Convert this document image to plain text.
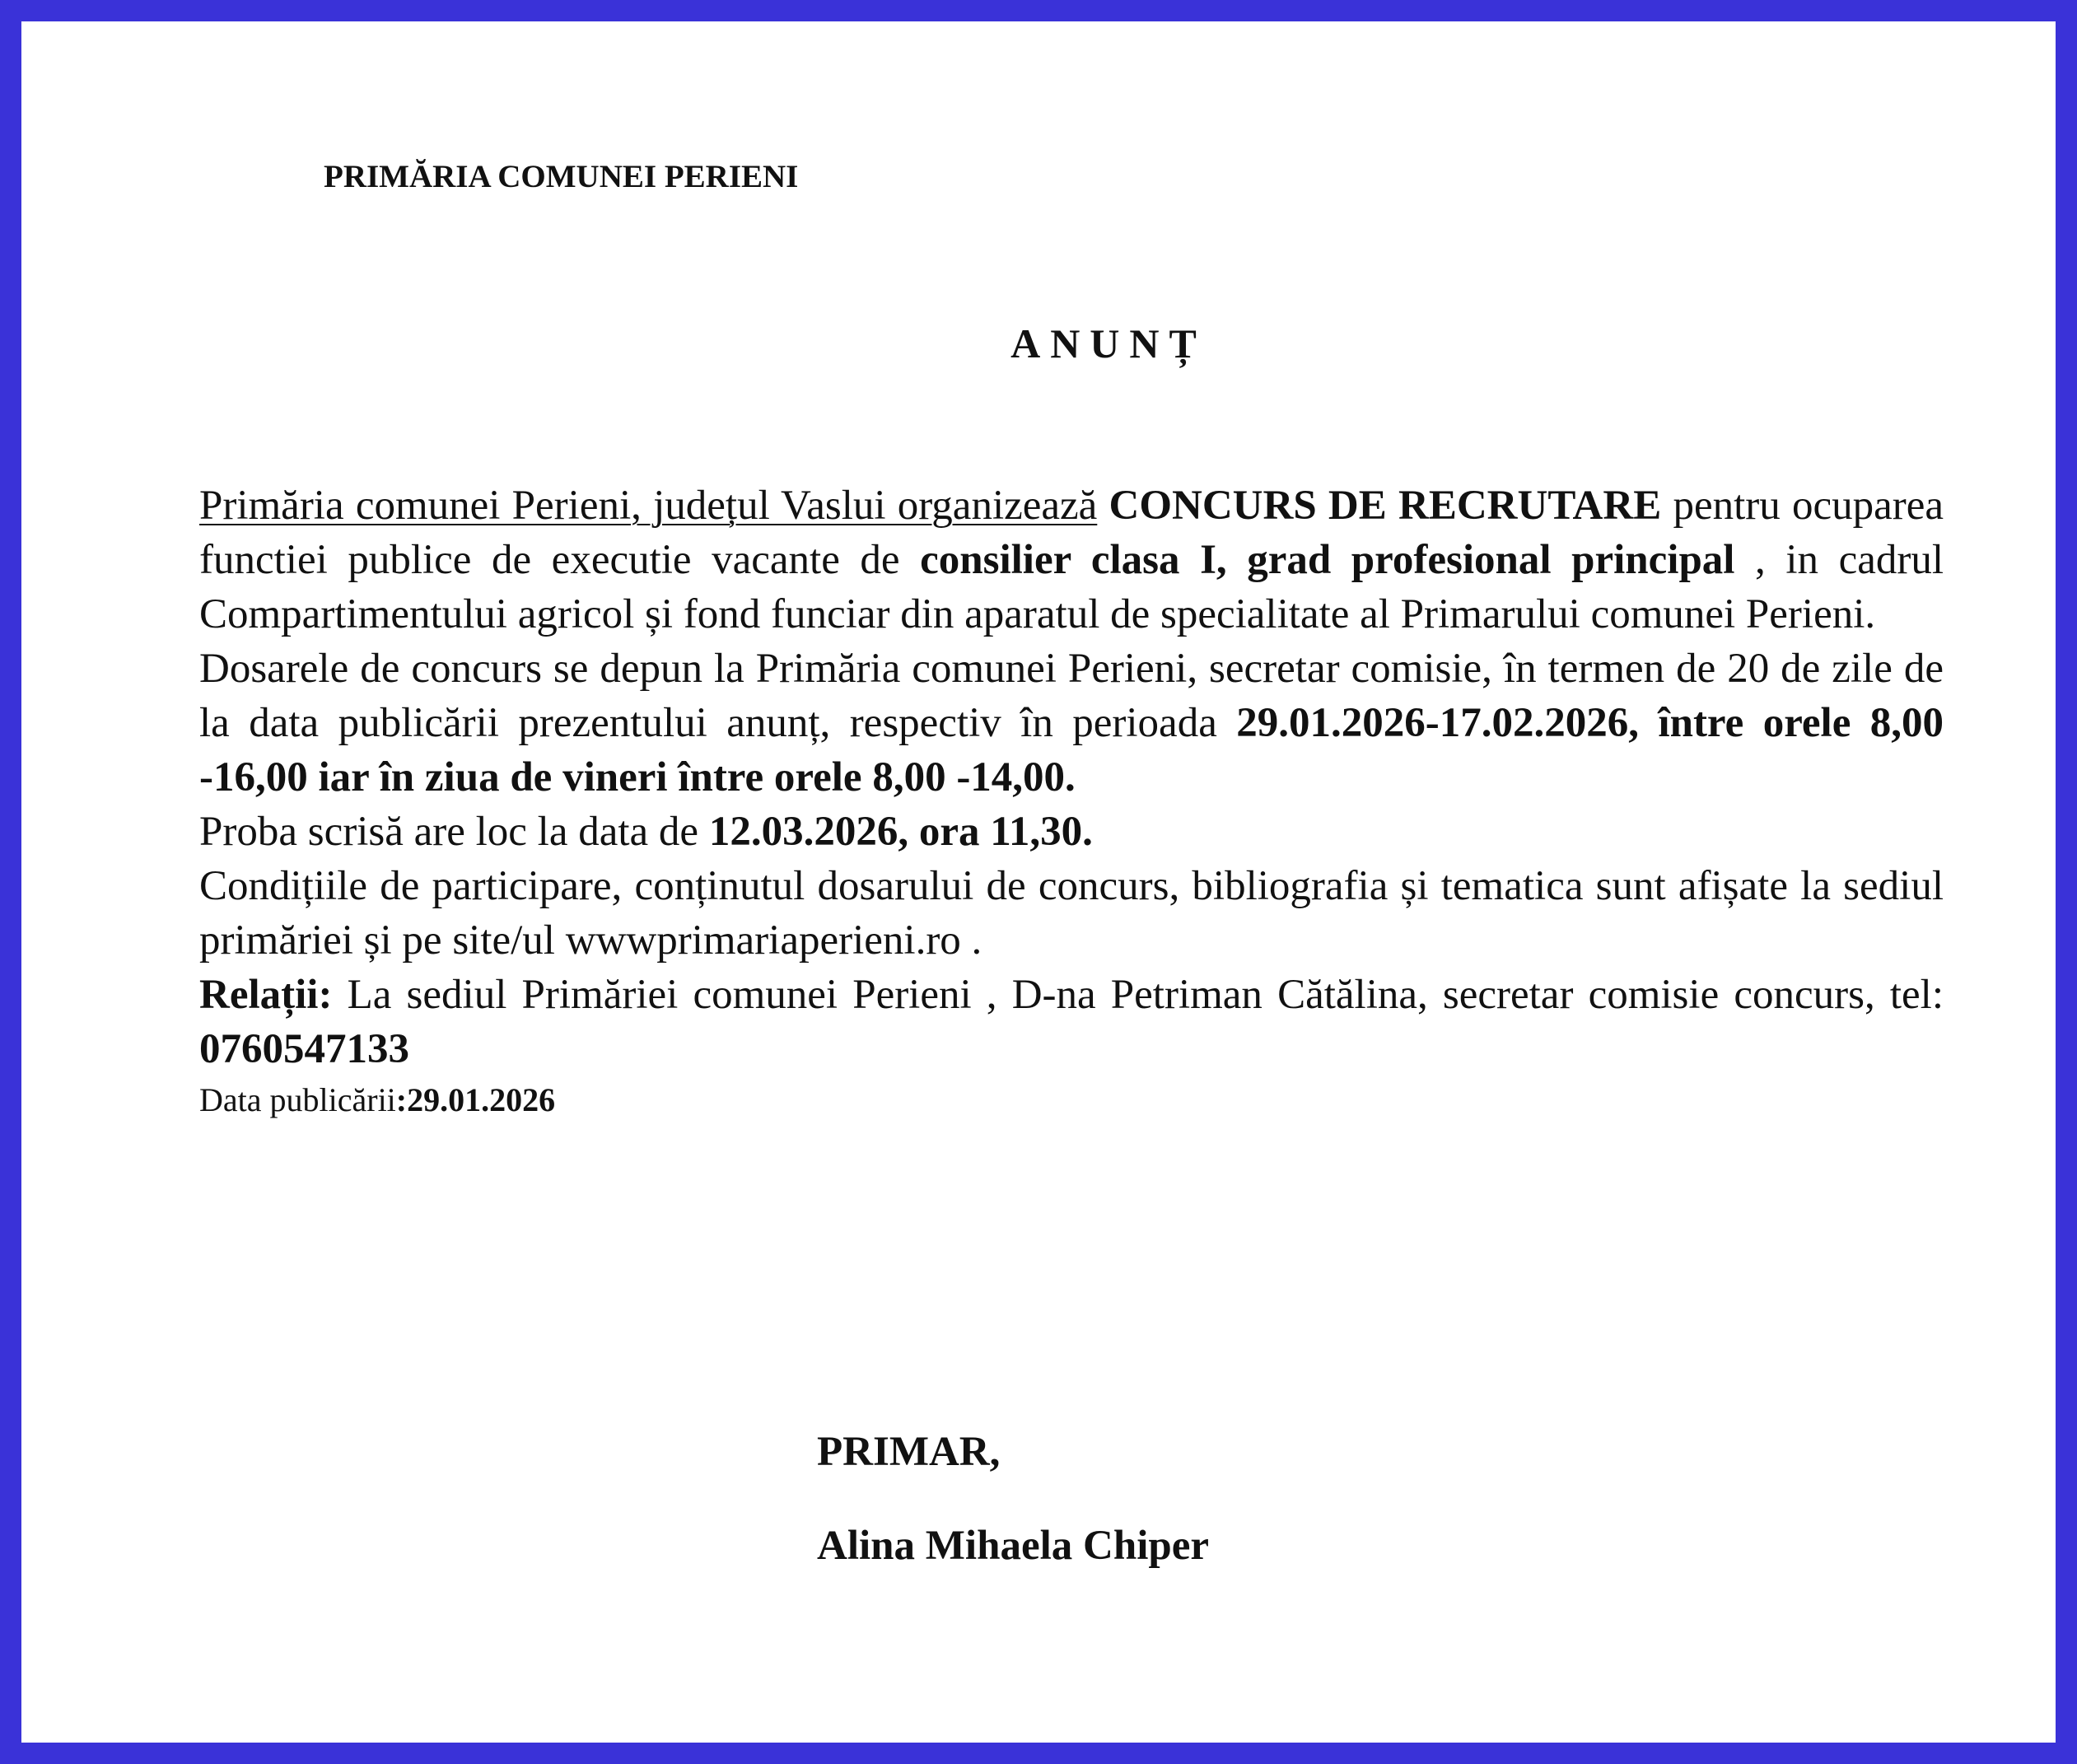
PRIMĂRIA COMUNEI PERIENI

ANUNȚ

Primăria comunei Perieni, județul Vaslui organizează CONCURS DE RECRUTARE pentru ocuparea functiei publice de executie vacante de consilier clasa I, grad profesional principal , in cadrul Compartimentului agricol și fond funciar din aparatul de specialitate al Primarului comunei Perieni.

Dosarele de concurs se depun la Primăria comunei Perieni, secretar comisie, în termen de 20 de zile de la data publicării prezentului anunț, respectiv în perioada 29.01.2026-17.02.2026, între orele 8,00 -16,00 iar în ziua de vineri între orele 8,00 -14,00.

Proba scrisă are loc la data de 12.03.2026, ora 11,30.

Condițiile de participare, conținutul dosarului de concurs, bibliografia și tematica sunt afișate la sediul primăriei și pe site/ul wwwprimariaperieni.ro .

Relații: La sediul Primăriei comunei Perieni , D-na Petriman Cătălina, secretar comisie concurs, tel: 0760547133

Data publicării:29.01.2026

PRIMAR,
Alina Mihaela Chiper
